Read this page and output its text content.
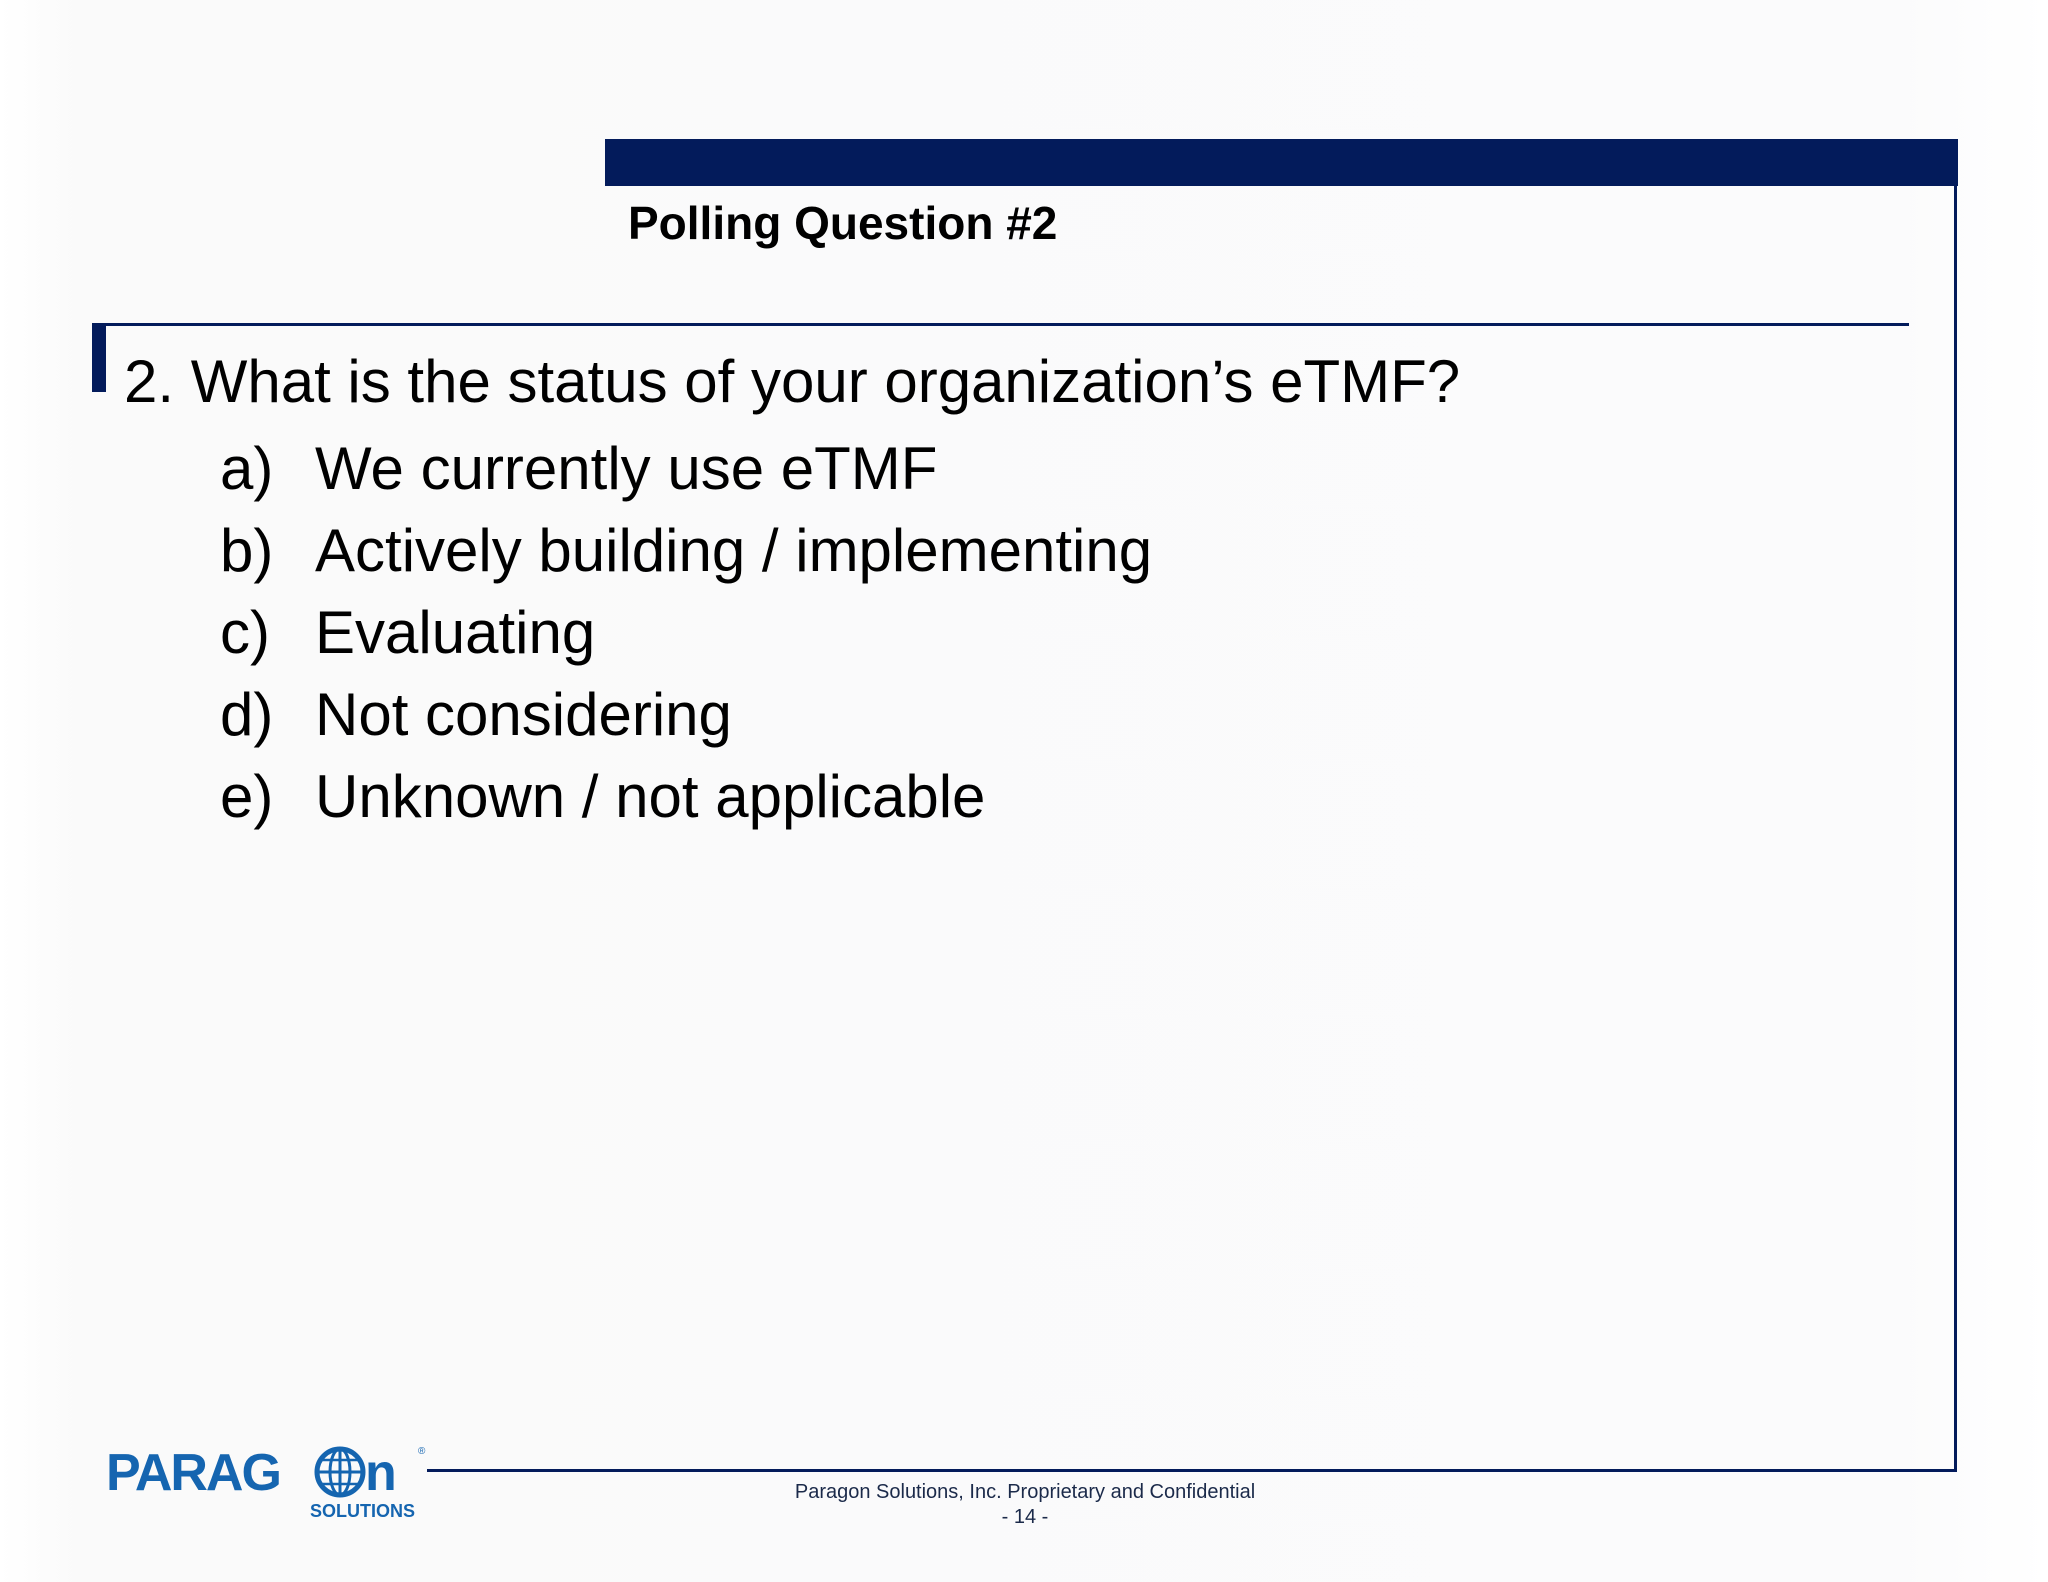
Polling Question #2
2. What is the status of your organization’s eTMF?
a) We currently use eTMF
b) Actively building / implementing
c) Evaluating
d) Not considering
e) Unknown / not applicable
PARAG n ®
SOLUTIONS
Paragon Solutions, Inc. Proprietary and Confidential
- 14 -
